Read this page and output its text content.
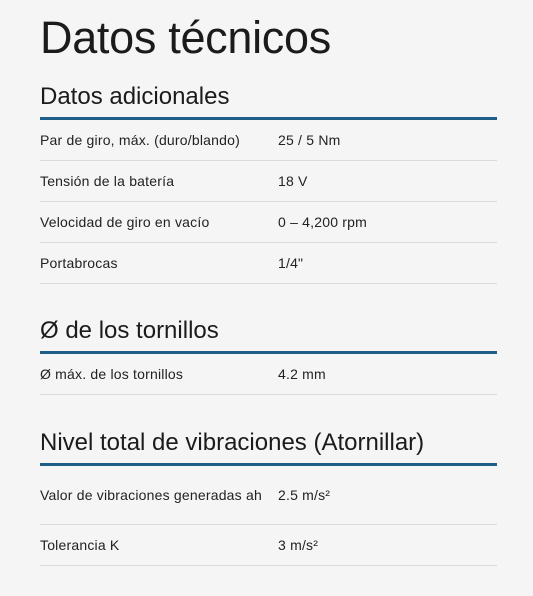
Datos técnicos
Datos adicionales
Par de giro, máx. (duro/blando)	25 / 5 Nm
Tensión de la batería	18 V
Velocidad de giro en vacío	0 – 4,200 rpm
Portabrocas	1/4"
Ø de los tornillos
Ø máx. de los tornillos	4.2 mm
Nivel total de vibraciones (Atornillar)
Valor de vibraciones generadas ah	2.5 m/s²
Tolerancia K	3 m/s²
